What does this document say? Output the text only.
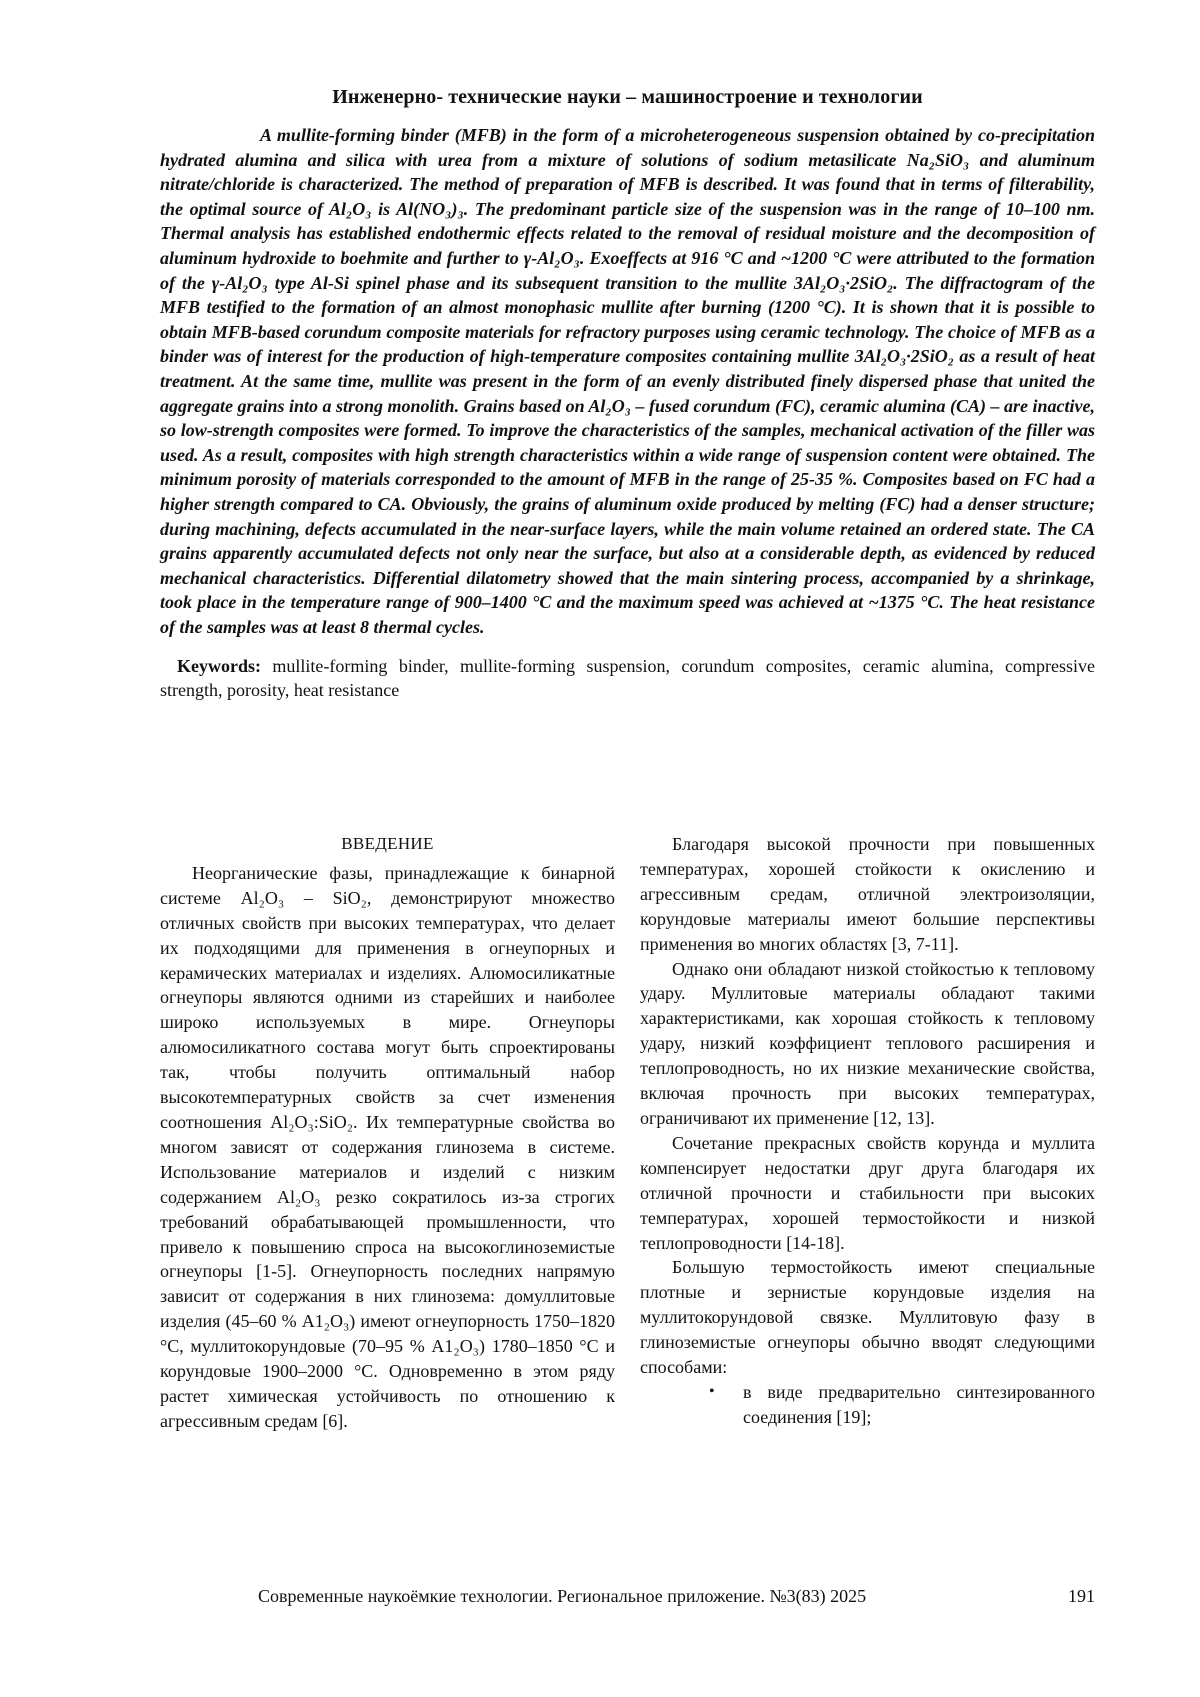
Инженерно- технические науки – машиностроение и технологии

A mullite-forming binder (MFB) in the form of a microheterogeneous suspension obtained by co-precipitation hydrated alumina and silica with urea from a mixture of solutions of sodium metasilicate Na₂SiO₃ and aluminum nitrate/chloride is characterized. The method of preparation of MFB is described. It was found that in terms of filterability, the optimal source of Al₂O₃ is Al(NO₃)₃. The predominant particle size of the suspension was in the range of 10–100 nm. Thermal analysis has established endothermic effects related to the removal of residual moisture and the decomposition of aluminum hydroxide to boehmite and further to γ-Al₂O₃. Exoeffects at 916 °C and ~1200 °C were attributed to the formation of the γ-Al₂O₃ type Al-Si spinel phase and its subsequent transition to the mullite 3Al₂O₃·2SiO₂. The diffractogram of the MFB testified to the formation of an almost monophasic mullite after burning (1200 °C). It is shown that it is possible to obtain MFB-based corundum composite materials for refractory purposes using ceramic technology. The choice of MFB as a binder was of interest for the production of high-temperature composites containing mullite 3Al₂O₃·2SiO₂ as a result of heat treatment. At the same time, mullite was present in the form of an evenly distributed finely dispersed phase that united the aggregate grains into a strong monolith. Grains based on Al₂O₃ – fused corundum (FC), ceramic alumina (CA) – are inactive, so low-strength composites were formed. To improve the characteristics of the samples, mechanical activation of the filler was used. As a result, composites with high strength characteristics within a wide range of suspension content were obtained. The minimum porosity of materials corresponded to the amount of MFB in the range of 25-35 %. Composites based on FC had a higher strength compared to CA. Obviously, the grains of aluminum oxide produced by melting (FC) had a denser structure; during machining, defects accumulated in the near-surface layers, while the main volume retained an ordered state. The CA grains apparently accumulated defects not only near the surface, but also at a considerable depth, as evidenced by reduced mechanical characteristics. Differential dilatometry showed that the main sintering process, accompanied by a shrinkage, took place in the temperature range of 900–1400 °C and the maximum speed was achieved at ~1375 °C. The heat resistance of the samples was at least 8 thermal cycles.

Keywords: mullite-forming binder, mullite-forming suspension, corundum composites, ceramic alumina, compressive strength, porosity, heat resistance

ВВЕДЕНИЕ

Неорганические фазы, принадлежащие к бинарной системе Al₂O₃ – SiO₂, демонстрируют множество отличных свойств при высоких температурах, что делает их подходящими для применения в огнеупорных и керамических материалах и изделиях. Алюмосиликатные огнеупоры являются одними из старейших и наиболее широко используемых в мире. Огнеупоры алюмосиликатного состава могут быть спроектированы так, чтобы получить оптимальный набор высокотемпературных свойств за счет изменения соотношения Al₂O₃:SiO₂. Их температурные свойства во многом зависят от содержания глинозема в системе. Использование материалов и изделий с низким содержанием Al₂O₃ резко сократилось из-за строгих требований обрабатывающей промышленности, что привело к повышению спроса на высокоглиноземистые огнеупоры [1-5]. Огнеупорность последних напрямую зависит от содержания в них глинозема: домуллитовые изделия (45–60 % A1₂O₃) имеют огнеупорность 1750–1820 °C, муллитокорундовые (70–95 % A1₂O₃) 1780–1850 °C и корундовые 1900–2000 °C. Одновременно в этом ряду растет химическая устойчивость по отношению к агрессивным средам [6].

Благодаря высокой прочности при повышенных температурах, хорошей стойкости к окислению и агрессивным средам, отличной электроизоляции, корундовые материалы имеют большие перспективы применения во многих областях [3, 7-11].

Однако они обладают низкой стойкостью к тепловому удару. Муллитовые материалы обладают такими характеристиками, как хорошая стойкость к тепловому удару, низкий коэффициент теплового расширения и теплопроводность, но их низкие механические свойства, включая прочность при высоких температурах, ограничивают их применение [12, 13].

Сочетание прекрасных свойств корунда и муллита компенсирует недостатки друг друга благодаря их отличной прочности и стабильности при высоких температурах, хорошей термостойкости и низкой теплопроводности [14-18].

Большую термостойкость имеют специальные плотные и зернистые корундовые изделия на муллитокорундовой связке. Муллитовую фазу в глиноземистые огнеупоры обычно вводят следующими способами:

• в виде предварительно синтезированного соединения [19];
Современные наукоёмкие технологии. Региональное приложение. №3(83) 2025	191
